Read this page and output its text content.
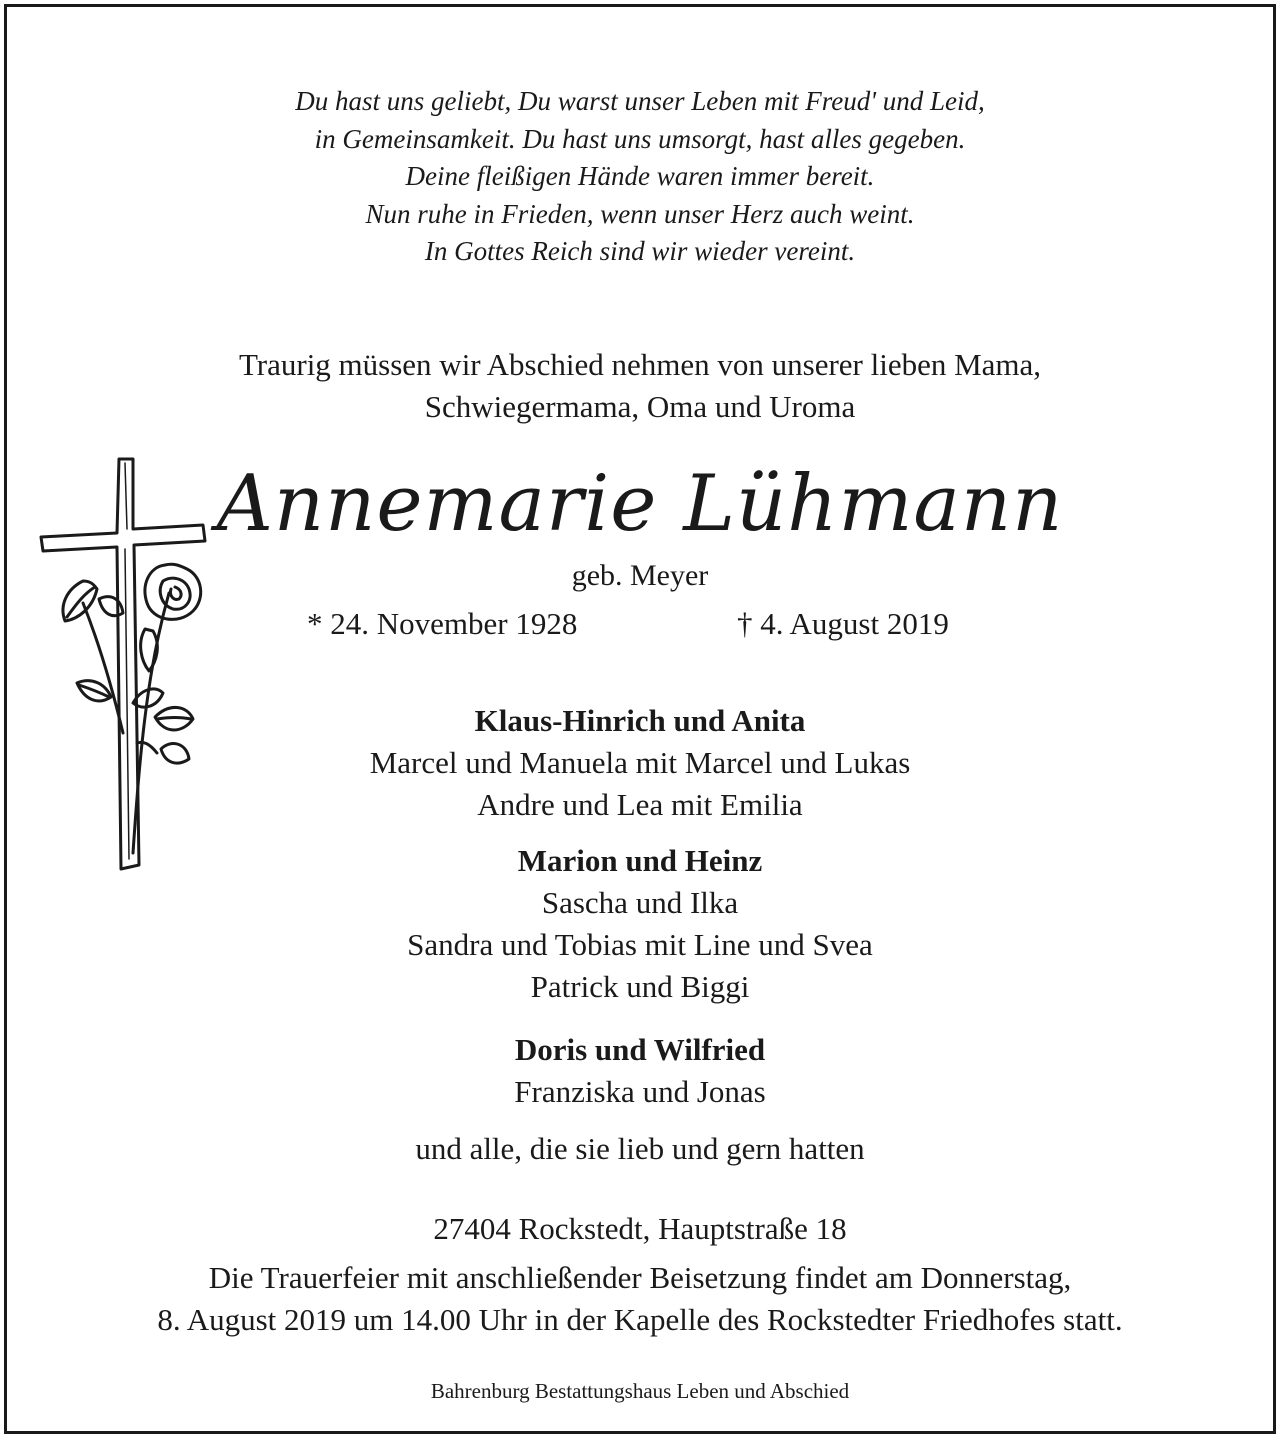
Du hast uns geliebt, Du warst unser Leben mit Freud' und Leid,
in Gemeinsamkeit. Du hast uns umsorgt, hast alles gegeben.
Deine fleißigen Hände waren immer bereit.
Nun ruhe in Frieden, wenn unser Herz auch weint.
In Gottes Reich sind wir wieder vereint.
Traurig müssen wir Abschied nehmen von unserer lieben Mama,
Schwiegermama, Oma und Uroma
Annemarie Lühmann
geb. Meyer
* 24. November 1928	† 4. August 2019
Klaus-Hinrich und Anita
Marcel und Manuela mit Marcel und Lukas
Andre und Lea mit Emilia
Marion und Heinz
Sascha und Ilka
Sandra und Tobias mit Line und Svea
Patrick und Biggi
Doris und Wilfried
Franziska und Jonas
und alle, die sie lieb und gern hatten
27404 Rockstedt, Hauptstraße 18
Die Trauerfeier mit anschließender Beisetzung findet am Donnerstag,
8. August 2019 um 14.00 Uhr in der Kapelle des Rockstedter Friedhofes statt.
Bahrenburg Bestattungshaus Leben und Abschied
